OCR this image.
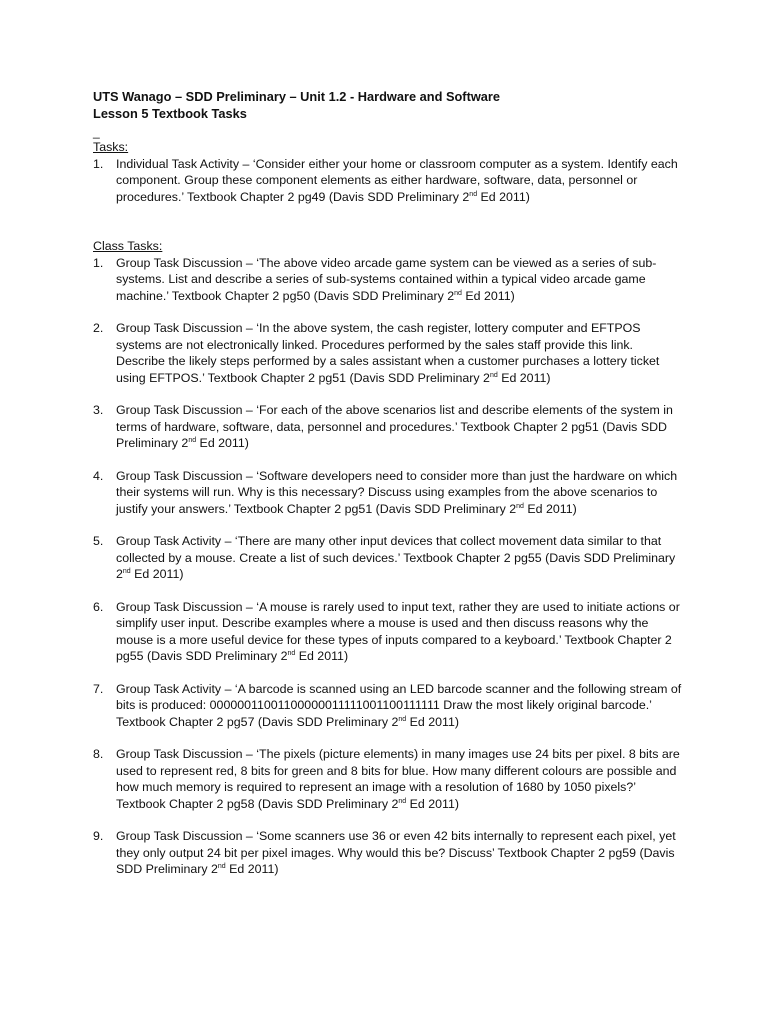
UTS Wanago – SDD Preliminary – Unit 1.2 - Hardware and Software

Lesson 5 Textbook Tasks

_

Tasks:

1. Individual Task Activity – ‘Consider either your home or classroom computer as a system. Identify each component. Group these component elements as either hardware, software, data, personnel or procedures.’ Textbook Chapter 2 pg49 (Davis SDD Preliminary 2nd Ed 2011)

Class Tasks:

1. Group Task Discussion – ‘The above video arcade game system can be viewed as a series of sub-systems. List and describe a series of sub-systems contained within a typical video arcade game machine.’ Textbook Chapter 2 pg50 (Davis SDD Preliminary 2nd Ed 2011)
2. Group Task Discussion – ‘In the above system, the cash register, lottery computer and EFTPOS systems are not electronically linked. Procedures performed by the sales staff provide this link. Describe the likely steps performed by a sales assistant when a customer purchases a lottery ticket using EFTPOS.’ Textbook Chapter 2 pg51 (Davis SDD Preliminary 2nd Ed 2011)
3. Group Task Discussion – ‘For each of the above scenarios list and describe elements of the system in terms of hardware, software, data, personnel and procedures.’ Textbook Chapter 2 pg51 (Davis SDD Preliminary 2nd Ed 2011)
4. Group Task Discussion – ‘Software developers need to consider more than just the hardware on which their systems will run. Why is this necessary? Discuss using examples from the above scenarios to justify your answers.’ Textbook Chapter 2 pg51 (Davis SDD Preliminary 2nd Ed 2011)
5. Group Task Activity – ‘There are many other input devices that collect movement data similar to that collected by a mouse. Create a list of such devices.’ Textbook Chapter 2 pg55 (Davis SDD Preliminary 2nd Ed 2011)
6. Group Task Discussion – ‘A mouse is rarely used to input text, rather they are used to initiate actions or simplify user input. Describe examples where a mouse is used and then discuss reasons why the mouse is a more useful device for these types of inputs compared to a keyboard.’ Textbook Chapter 2 pg55 (Davis SDD Preliminary 2nd Ed 2011)
7. Group Task Activity – ‘A barcode is scanned using an LED barcode scanner and the following stream of bits is produced: 00000011001100000011111001100111111 Draw the most likely original barcode.’ Textbook Chapter 2 pg57 (Davis SDD Preliminary 2nd Ed 2011)
8. Group Task Discussion – ‘The pixels (picture elements) in many images use 24 bits per pixel. 8 bits are used to represent red, 8 bits for green and 8 bits for blue. How many different colours are possible and how much memory is required to represent an image with a resolution of 1680 by 1050 pixels?’ Textbook Chapter 2 pg58 (Davis SDD Preliminary 2nd Ed 2011)
9. Group Task Discussion – ‘Some scanners use 36 or even 42 bits internally to represent each pixel, yet they only output 24 bit per pixel images. Why would this be? Discuss’ Textbook Chapter 2 pg59 (Davis SDD Preliminary 2nd Ed 2011)
